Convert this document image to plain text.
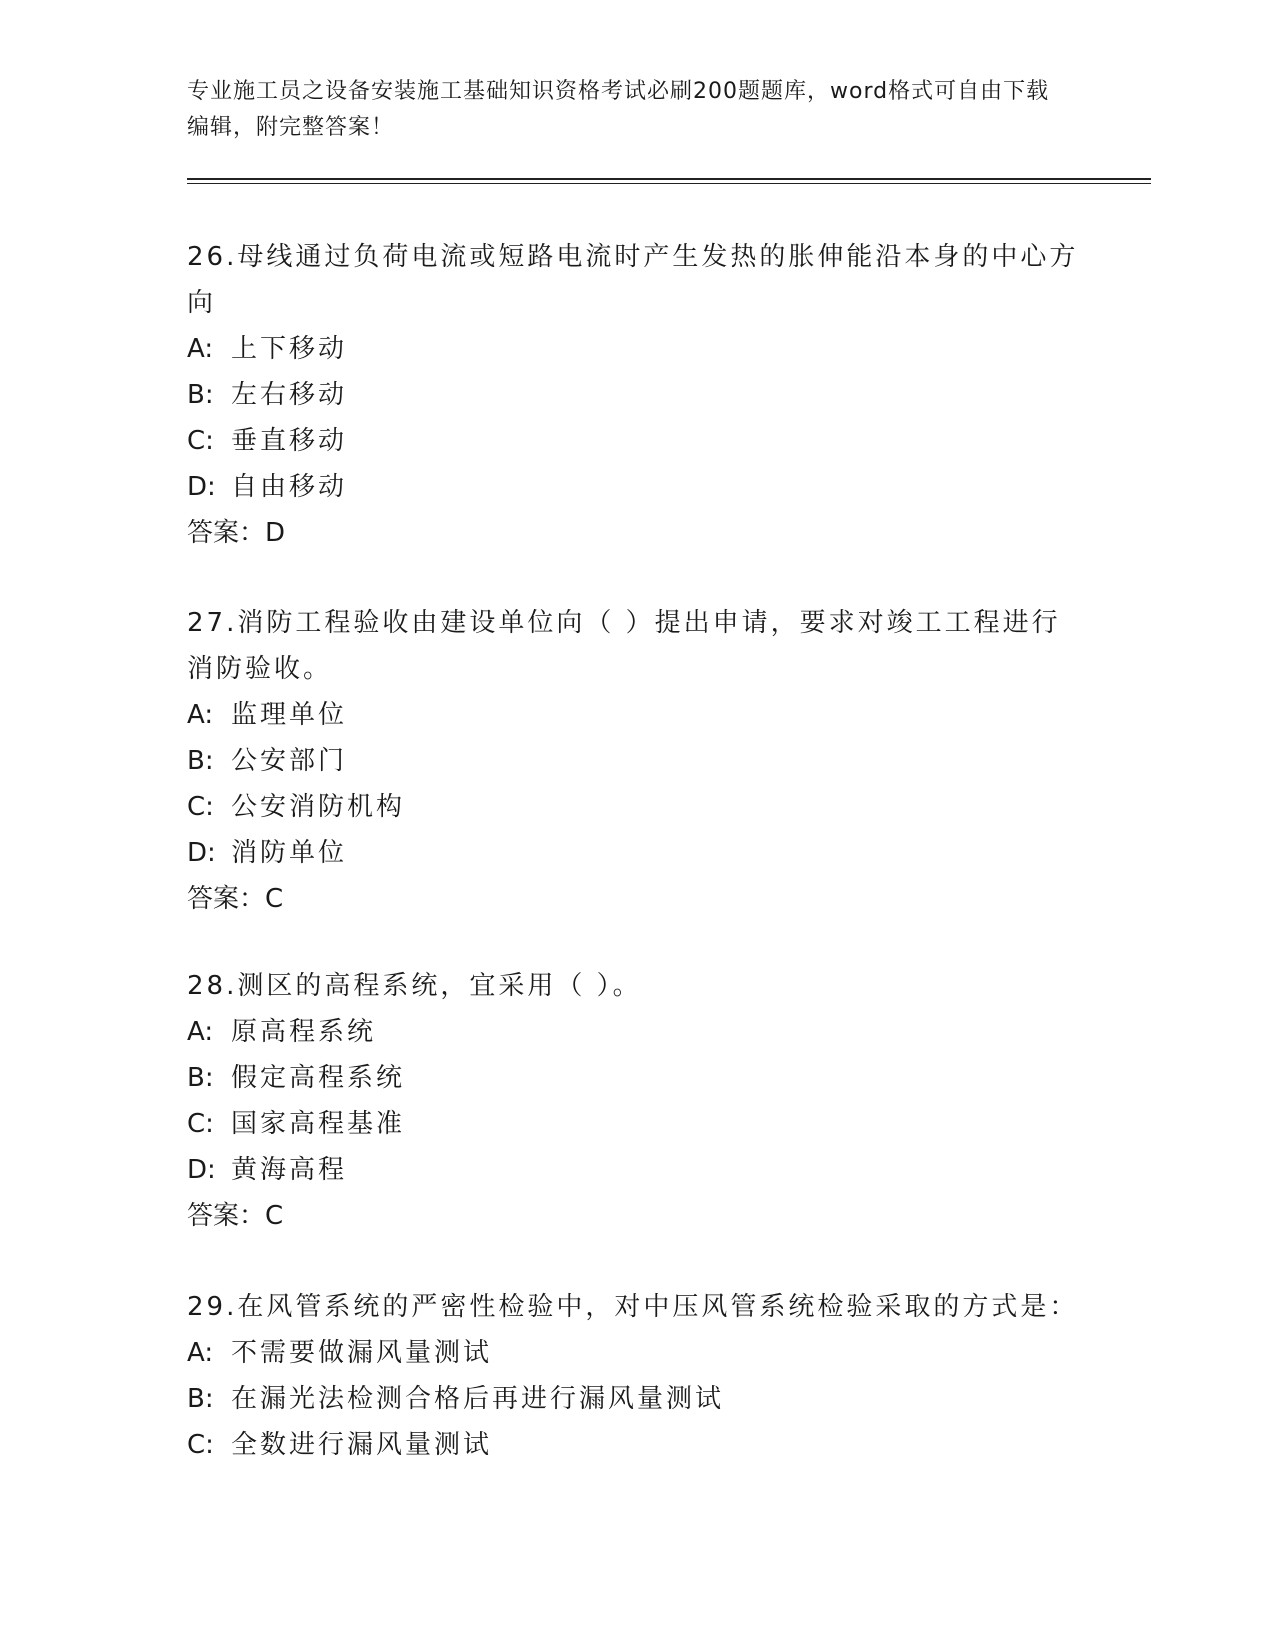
专业施工员之设备安装施工基础知识资格考试必刷200题题库，word格式可自由下载编辑，附完整答案！

26.母线通过负荷电流或短路电流时产生发热的胀伸能沿本身的中心方向

A: 上下移动

B: 左右移动

C: 垂直移动

D: 自由移动

答案：D

27.消防工程验收由建设单位向（ ）提出申请，要求对竣工工程进行消防验收。

A: 监理单位

B: 公安部门

C: 公安消防机构

D: 消防单位

答案：C

28.测区的高程系统，宜采用（ ）。

A: 原高程系统

B: 假定高程系统

C: 国家高程基准

D: 黄海高程

答案：C

29.在风管系统的严密性检验中，对中压风管系统检验采取的方式是：

A: 不需要做漏风量测试

B: 在漏光法检测合格后再进行漏风量测试

C: 全数进行漏风量测试
